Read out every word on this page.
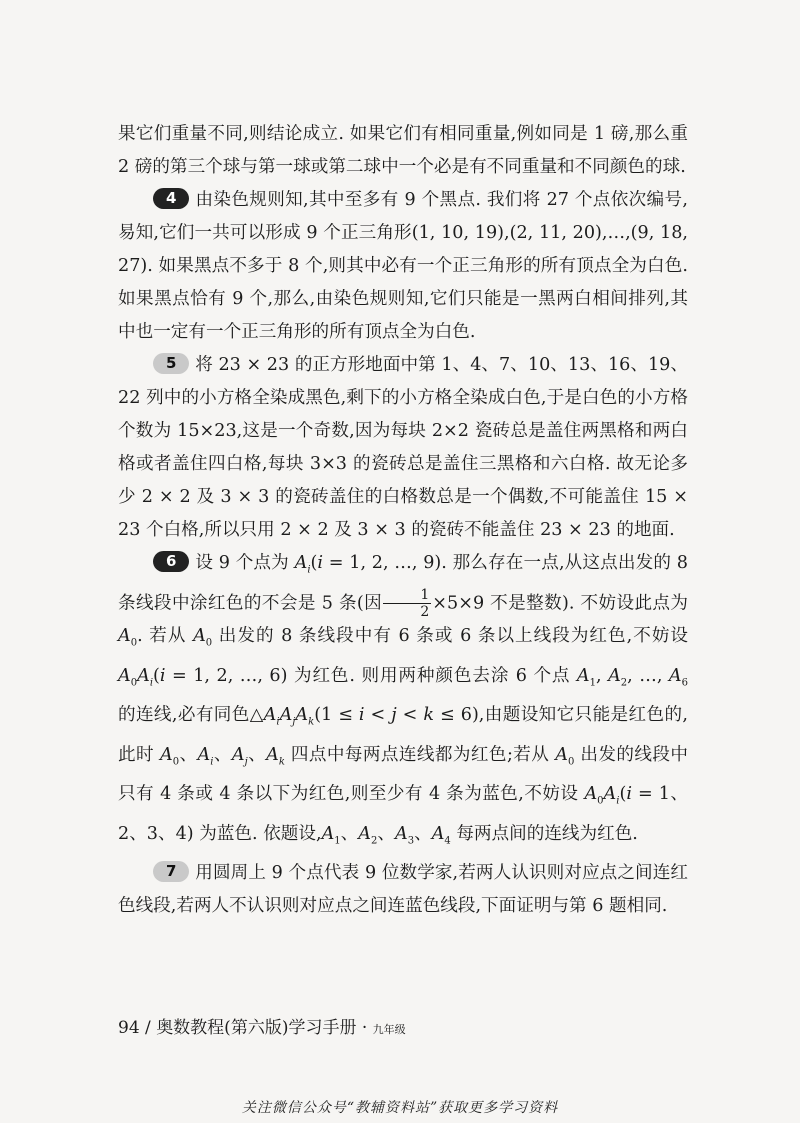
果它们重量不同,则结论成立. 如果它们有相同重量,例如同是 1 磅,那么重 2 磅的第三个球与第一球或第二球中一个必是有不同重量和不同颜色的球.

4 由染色规则知,其中至多有 9 个黑点. 我们将 27 个点依次编号,易知,它们一共可以形成 9 个正三角形(1, 10, 19),(2, 11, 20),…,(9, 18, 27). 如果黑点不多于 8 个,则其中必有一个正三角形的所有顶点全为白色. 如果黑点恰有 9 个,那么,由染色规则知,它们只能是一黑两白相间排列,其中也一定有一个正三角形的所有顶点全为白色.

5 将 23 × 23 的正方形地面中第 1、4、7、10、13、16、19、22 列中的小方格全染成黑色,剩下的小方格全染成白色,于是白色的小方格个数为 15×23,这是一个奇数,因为每块 2×2 瓷砖总是盖住两黑格和两白格或者盖住四白格,每块 3×3 的瓷砖总是盖住三黑格和六白格. 故无论多少 2 × 2 及 3 × 3 的瓷砖盖住的白格数总是一个偶数,不可能盖住 15 × 23 个白格,所以只用 2 × 2 及 3 × 3 的瓷砖不能盖住 23 × 23 的地面.

6 设 9 个点为 $A_i(i = 1$, 2, …, 9). 那么存在一点,从这点出发的 8 条线段中涂红色的不会是 5 条(因 $\frac{1}{2} \times 5\times 9$ 不是整数). 不妨设此点为 $A_0$. 若从 $A_0$ 出发的 8 条线段中有 6 条或 6 条以上线段为红色,不妨设 $A_0A_i(i = 1$, 2, …, 6) 为红色. 则用两种颜色去涂 6 个点 $A_1$, $A_2$, …, $A_6$ 的连线,必有同色$\triangle A_iA_jA_k(1 \le i < j < k \le 6)$,由题设知它只能是红色的,此时 $A_0$、$A_i$、$A_j$、$A_k$ 四点中每两点连线都为红色;若从 $A_0$ 出发的线段中只有 4 条或 4 条以下为红色,则至少有 4 条为蓝色,不妨设 $A_0A_i(i = 1$、2、3、4) 为蓝色. 依题设$,A_1$、$A_2$、$A_3$、$A_4$ 每两点间的连线为红色.

7 用圆周上 9 个点代表 9 位数学家,若两人认识则对应点之间连红色线段,若两人不认识则对应点之间连蓝色线段,下面证明与第 6 题相同.

94 / 奥数教程(第六版)学习手册 · 九年级
关注微信公众号“教辅资料站”获取更多学习资料
